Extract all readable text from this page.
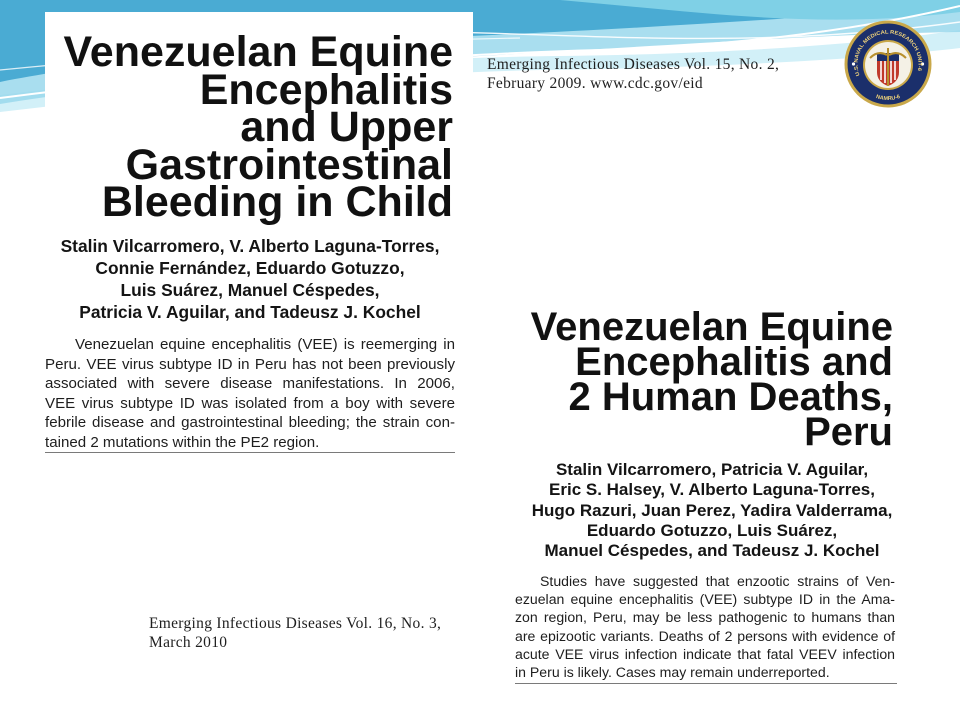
Venezuelan Equine
Encephalitis
and Upper
Gastrointestinal
Bleeding in Child
Stalin Vilcarromero, V. Alberto Laguna-Torres,
Connie Fernández, Eduardo Gotuzzo,
Luis Suárez, Manuel Céspedes,
Patricia V. Aguilar, and Tadeusz J. Kochel
Venezuelan equine encephalitis (VEE) is reemerging in
Peru. VEE virus subtype ID in Peru has not been previously
associated with severe disease manifestations. In 2006,
VEE virus subtype ID was isolated from a boy with severe
febrile disease and gastrointestinal bleeding; the strain con-
tained 2 mutations within the PE2 region.
Venezuelan Equine
Encephalitis and
2 Human Deaths,
Peru
Stalin Vilcarromero, Patricia V. Aguilar,
Eric S. Halsey, V. Alberto Laguna-Torres,
Hugo Razuri, Juan Perez, Yadira Valderrama,
Eduardo Gotuzzo, Luis Suárez,
Manuel Céspedes, and Tadeusz J. Kochel
Studies have suggested that enzootic strains of Ven-
ezuelan equine encephalitis (VEE) subtype ID in the Ama-
zon region, Peru, may be less pathogenic to humans than
are epizootic variants. Deaths of 2 persons with evidence of
acute VEE virus infection indicate that fatal VEEV infection
in Peru is likely. Cases may remain underreported.
Emerging Infectious Diseases Vol. 15, No. 2,
February 2009. www.cdc.gov/eid
Emerging Infectious Diseases Vol. 16, No. 3,
March 2010
U.S. NAVAL MEDICAL RESEARCH UNIT-6
NAMRU-6
